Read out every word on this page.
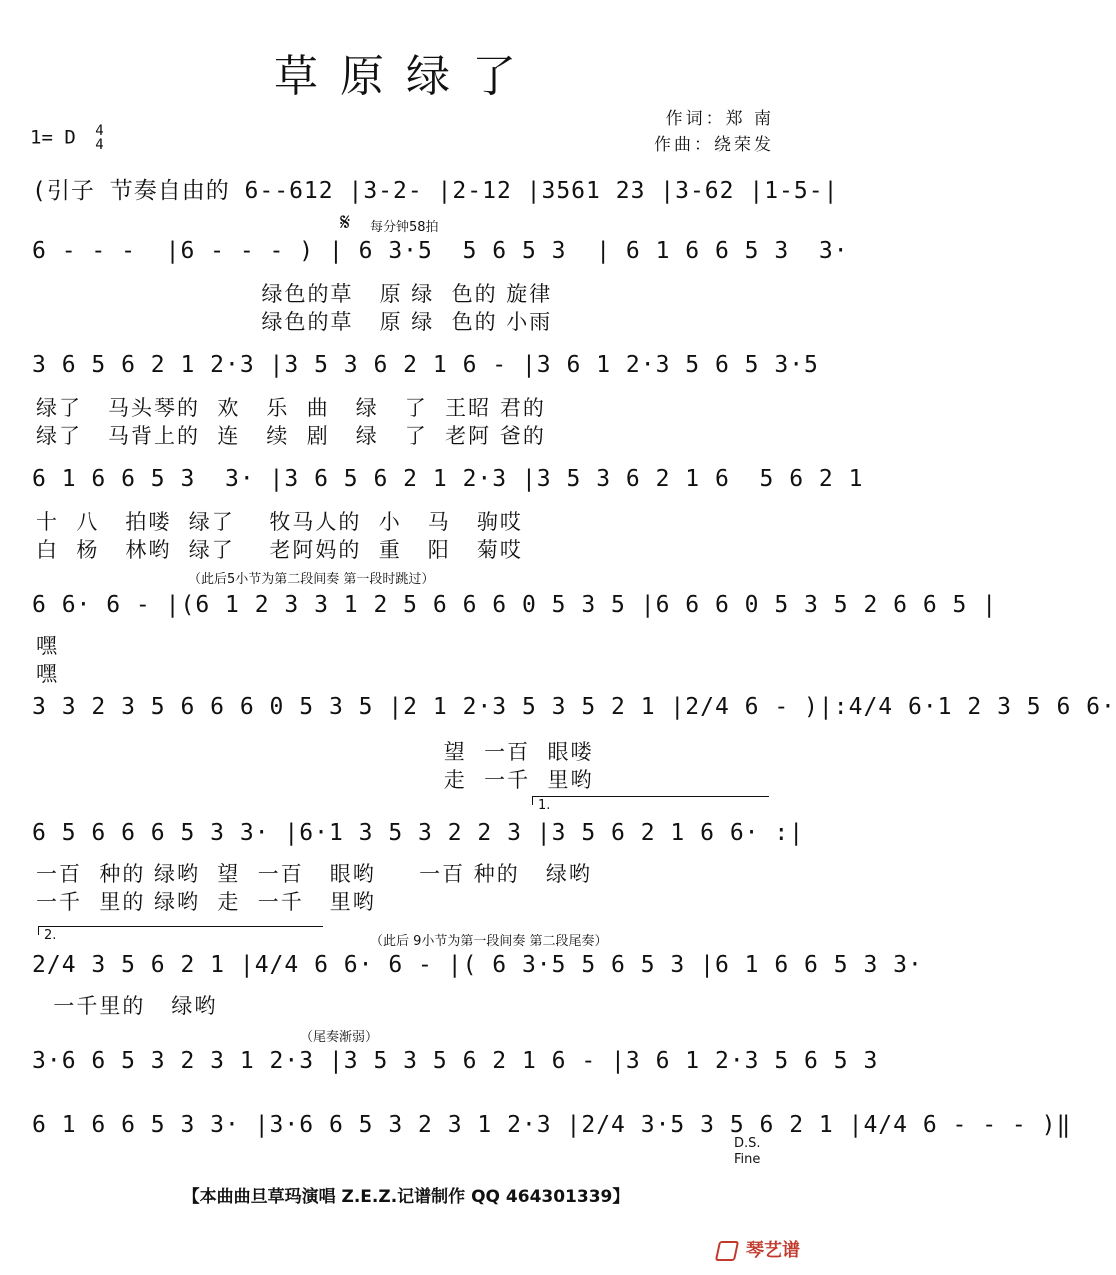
草原绿了
作词：郑 南
作曲：绕荣发
1= D 4
4
(引子 节奏自由的 6--612 |3-2- |2-12 |3561 23 |3-62 |1-5-|
𝄋 每分钟58拍
6 - - -  |6 - - - ) | 6 3·5  5 6 5 3  | 6 1 6 6 5 3  3·
绿色的草   原 绿  色的 旋律
绿色的草   原 绿  色的 小雨
3 6 5 6 2 1 2·3 |3 5 3 6 2 1 6 - |3 6 1 2·3 5 6 5 3·5
绿了   马头琴的  欢   乐  曲   绿   了  王昭 君的
绿了   马背上的  连   续  剧   绿   了  老阿 爸的
6 1 6 6 5 3  3· |3 6 5 6 2 1 2·3 |3 5 3 6 2 1 6  5 6 2 1
十  八   拍喽  绿了    牧马人的  小   马   驹哎
白  杨   林哟  绿了    老阿妈的  重   阳   菊哎
（此后5小节为第二段间奏 第一段时跳过）
6 6· 6 - |(6 1 2 3 3 1 2 5 6 6 6 0 5 3 5 |6 6 6 0 5 3 5 2 6 6 5 |
嘿
嘿
3 3 2 3 5 6 6 6 0 5 3 5 |2 1 2·3 5 3 5 2 1 |2/4 6 - )|:4/4 6·1 2 3 5 6 6·
望  一百  眼喽
走  一千  里哟
1.
6 5 6 6 6 5 3 3· |6·1 3 5 3 2 2 3 |3 5 6 2 1 6 6· :|
一百  种的 绿哟  望  一百   眼哟     一百 种的   绿哟
一千  里的 绿哟  走  一千   里哟
2.	（此后 9小节为第一段间奏 第二段尾奏）
2/4 3 5 6 2 1 |4/4 6 6· 6 - |( 6 3·5 5 6 5 3 |6 1 6 6 5 3 3·
一千里的   绿哟
（尾奏渐弱）
3·6 6 5 3 2 3 1 2·3 |3 5 3 5 6 2 1 6 - |3 6 1 2·3 5 6 5 3
6 1 6 6 5 3 3· |3·6 6 5 3 2 3 1 2·3 |2/4 3·5 3 5 6 2 1 |4/4 6 - - - )‖
D.S.
Fine
【本曲曲旦草玛演唱 Z.E.Z.记谱制作 QQ 464301339】
琴艺谱
